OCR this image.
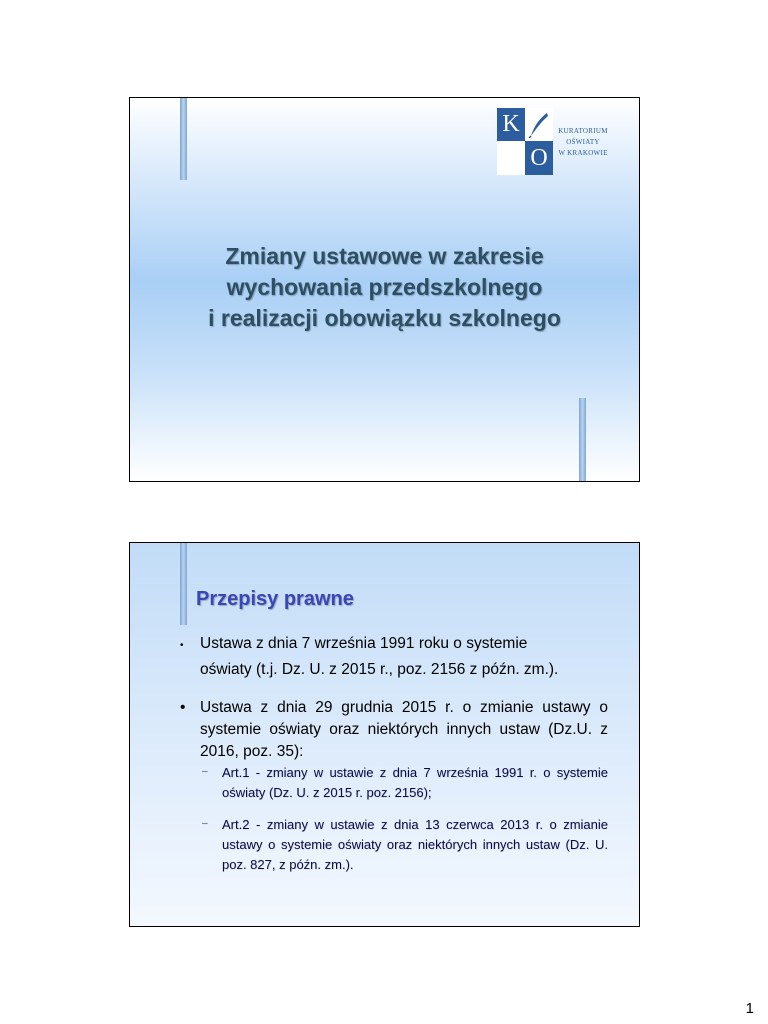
K
O
KURATORIUM
OŚWIATY
W KRAKOWIE
Zmiany ustawowe w zakresie
wychowania przedszkolnego
i realizacji obowiązku szkolnego
Przepisy prawne
• Ustawa z dnia 7 września 1991 roku o systemie
oświaty (t.j. Dz. U. z 2015 r., poz. 2156 z późn. zm.).
• Ustawa z dnia 29 grudnia 2015 r. o zmianie ustawy o systemie oświaty oraz niektórych innych ustaw (Dz.U. z 2016, poz. 35):
– Art.1 - zmiany w ustawie z dnia 7 września 1991 r. o systemie oświaty (Dz. U. z 2015 r. poz. 2156);
– Art.2 - zmiany w ustawie z dnia 13 czerwca 2013 r. o zmianie ustawy o systemie oświaty oraz niektórych innych ustaw (Dz. U. poz. 827, z późn. zm.).
1
